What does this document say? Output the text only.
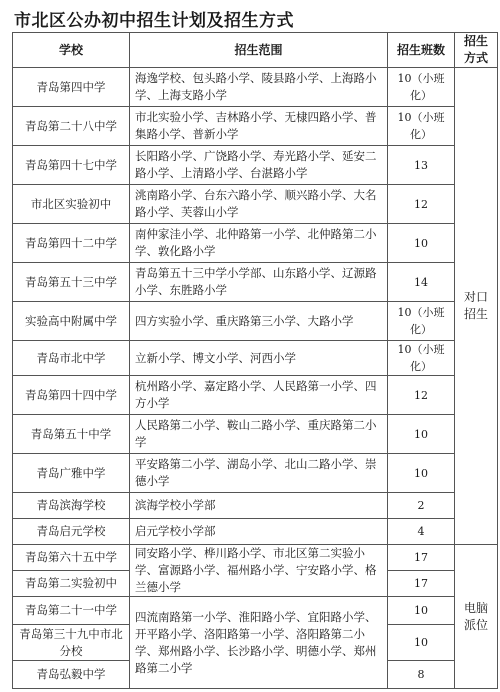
市北区公办初中招生计划及招生方式
学校	招生范围	招生班数	招生方式
青岛第四中学	海逸学校、包头路小学、陵县路小学、上海路小学、上海支路小学	10（小班化）	对口招生
青岛第二十八中学	市北实验小学、吉林路小学、无棣四路小学、普集路小学、普新小学	10（小班化）	
青岛第四十七中学	长阳路小学、广饶路小学、寿光路小学、延安二路小学、上清路小学、台湛路小学	13	
市北区实验初中	洮南路小学、台东六路小学、顺兴路小学、大名路小学、芙蓉山小学	12	
青岛第四十二中学	南仲家洼小学、北仲路第一小学、北仲路第二小学、敦化路小学	10	
青岛第五十三中学	青岛第五十三中学小学部、山东路小学、辽源路小学、东胜路小学	14	
实验高中附属中学	四方实验小学、重庆路第三小学、大路小学	10（小班化）	
青岛市北中学	立新小学、博文小学、河西小学	10（小班化）	
青岛第四十四中学	杭州路小学、嘉定路小学、人民路第一小学、四方小学	12	
青岛第五十中学	人民路第二小学、鞍山二路小学、重庆路第二小学	10	
青岛广雅中学	平安路第二小学、湖岛小学、北山二路小学、崇德小学	10	
青岛滨海学校	滨海学校小学部	2	
青岛启元学校	启元学校小学部	4	
青岛第六十五中学	同安路小学、桦川路小学、市北区第二实验小学、富源路小学、福州路小学、宁安路小学、格兰德小学	17	电脑派位
青岛第二实验初中		17	
青岛第二十一中学	四流南路第一小学、淮阳路小学、宜阳路小学、开平路小学、洛阳路第一小学、洛阳路第二小学、郑州路小学、长沙路小学、明德小学、郑州路第二小学	10	
青岛第三十九中市北分校		10	
青岛弘毅中学		8	
